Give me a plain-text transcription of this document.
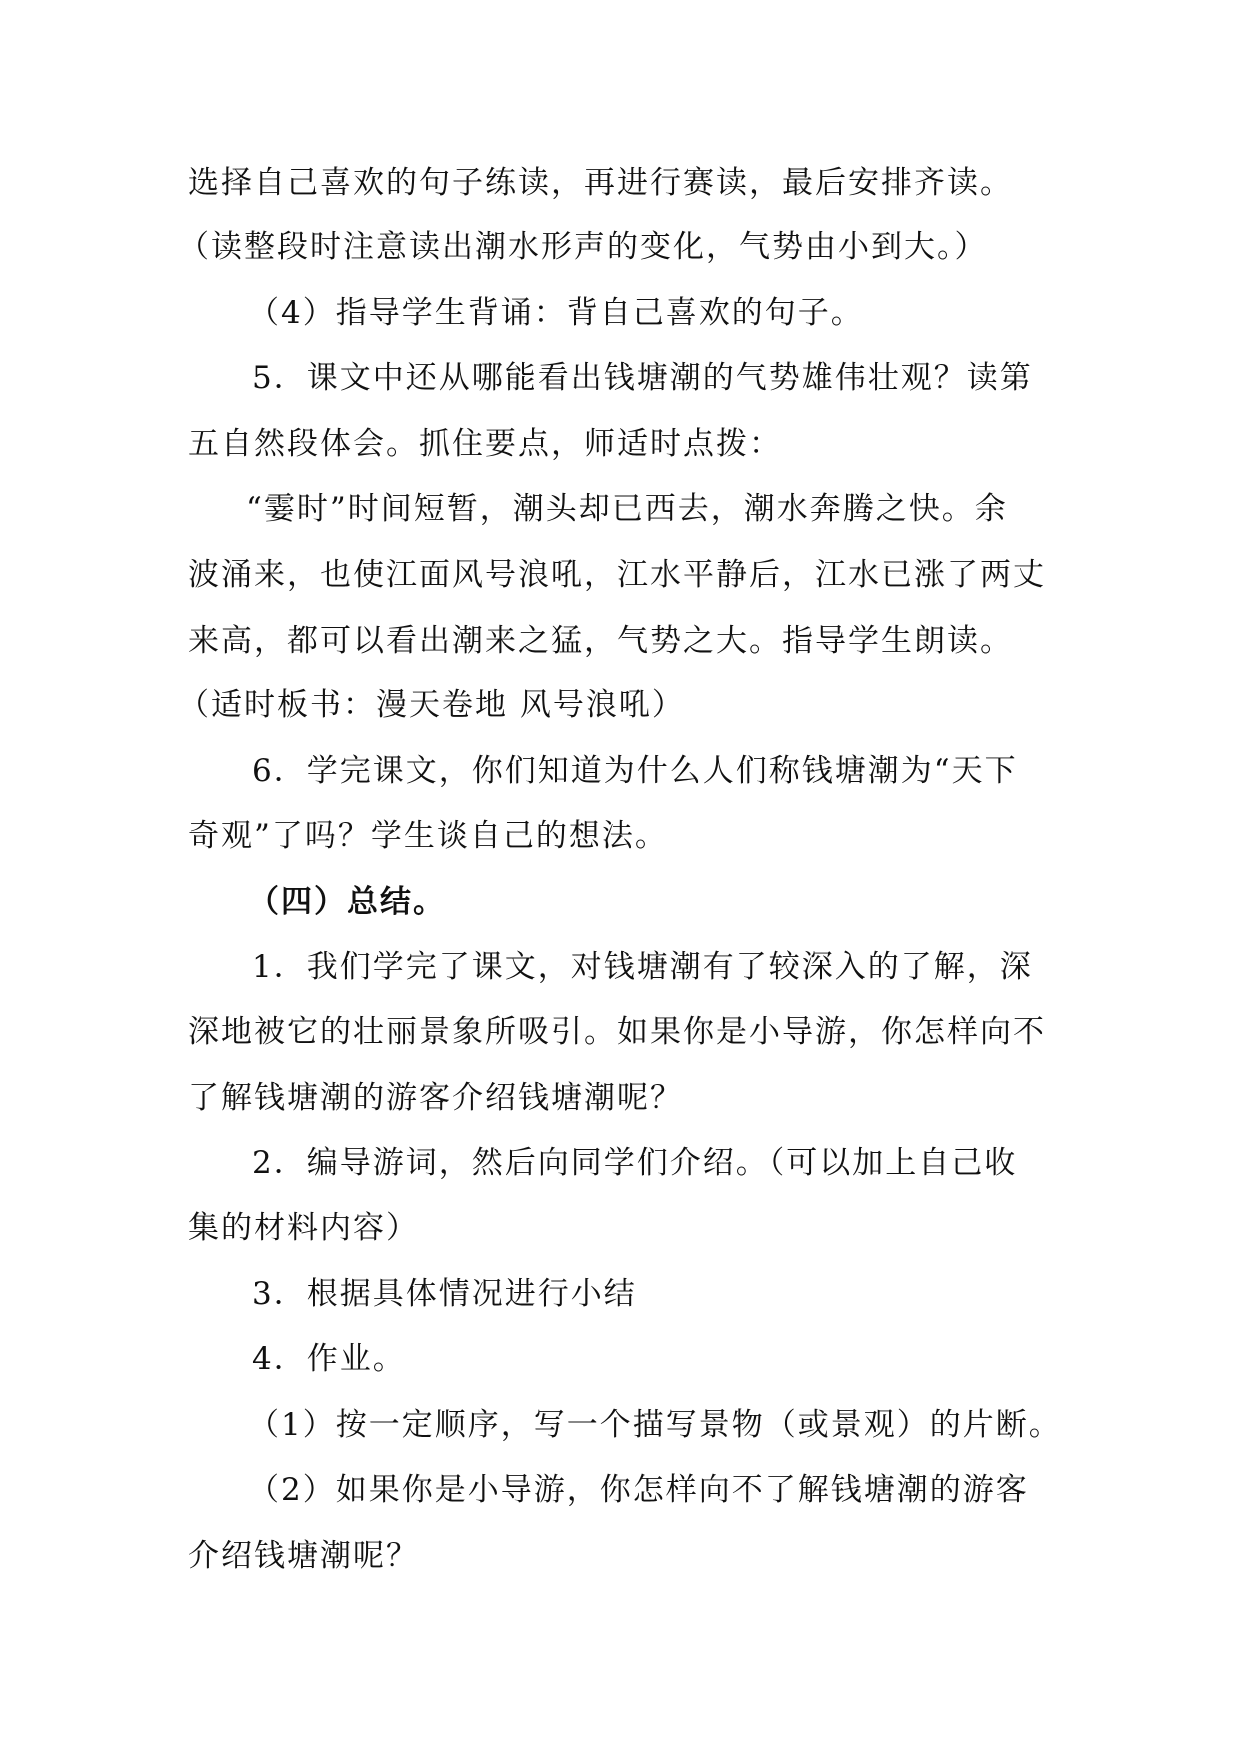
选择自己喜欢的句子练读，再进行赛读，最后安排齐读。
（读整段时注意读出潮水形声的变化，气势由小到大。）
（4）指导学生背诵：背自己喜欢的句子。
5．课文中还从哪能看出钱塘潮的气势雄伟壮观？读第
五自然段体会。抓住要点，师适时点拨：
“霎时”时间短暂，潮头却已西去，潮水奔腾之快。余
波涌来，也使江面风号浪吼，江水平静后，江水已涨了两丈
来高，都可以看出潮来之猛，气势之大。指导学生朗读。
（适时板书：漫天卷地 风号浪吼）
6．学完课文，你们知道为什么人们称钱塘潮为“天下
奇观”了吗？学生谈自己的想法。
（四）总结。
1．我们学完了课文，对钱塘潮有了较深入的了解，深
深地被它的壮丽景象所吸引。如果你是小导游，你怎样向不
了解钱塘潮的游客介绍钱塘潮呢？
2．编导游词，然后向同学们介绍。（可以加上自己收
集的材料内容）
3．根据具体情况进行小结
4．作业。
（1）按一定顺序，写一个描写景物（或景观）的片断。
（2）如果你是小导游，你怎样向不了解钱塘潮的游客
介绍钱塘潮呢？
